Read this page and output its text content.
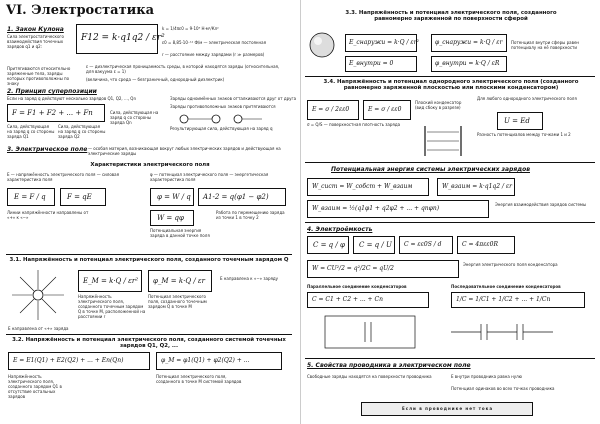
VI. Электростатика
1. Закон Кулона
Сила электростатического взаимодействия точечных зарядов q1 и q2:
F12 = k·q1q2 / εr²
k = 1/4πε0 = 9·10⁹ Н·м²/Кл²
ε0 = 8,85·10⁻¹² Ф/м — электрическая постоянная
r — расстояние между зарядами (r ≫ размеров)
Притягиваются относительно заряженные тела, заряды которых противоположны по знаку
ε — диэлектрическая проницаемость среды, в которой находятся заряды (относительная, для вакуума ε = 1)
(величина, что среда — безграничный, однородный диэлектрик)
2. Принцип суперпозиции
Если на заряд q действуют несколько зарядов Q1, Q2, ..., Qn
F = F1 + F2 + ... + Fn
Сила, действующая на заряд q со стороны заряда Q1
Сила, действующая на заряд q со стороны заряда Q2
Сила, действующая на заряд q со стороны заряда Qn
Заряды одноимённых знаков отталкиваются друг от друга
Заряды противоположных знаков притягиваются
Результирующая сила, действующая на заряд q
3. Электрическое поле — особая материя, возникающая вокруг любых электрических зарядов и действующая на электрические заряды
Характеристики электрического поля
E — напряжённость электрического поля — силовая характеристика поля
φ — потенциал электрического поля — энергетическая характеристика поля
E = F / q	F = qE	φ = W / q A1-2 = q(φ1 − φ2)
W = qφ
Линии напряжённости направлены от «+» к «−»
Потенциальная энергия заряда в данной точке поля
Работа по перемещению заряда из точки 1 в точку 2
3.1. Напряжённость и потенциал электрического поля, созданного точечным зарядом Q
E_M = k·Q / εr² φ_M = k·Q / εr
Напряжённость электрического поля, созданного точечным зарядом Q в точке M, расположенной на расстоянии r
Потенциал электрического поля, созданного точечным зарядом Q в точке M
E направлена от «+» заряда
E направлена к «−» заряду
3.2. Напряжённость и потенциал электрического поля, созданного системой точечных зарядов Q1, Q2, ...
E = E1(Q1) + E2(Q2) + ... + En(Qn)	φ_M = φ1(Q1) + φ2(Q2) + ...
Напряжённость электрического поля, созданного зарядом Q1 в отсутствие остальных зарядов
Потенциал электрического поля, созданного в точке M системой зарядов
3.3. Напряжённость и потенциал электрического поля, созданного равномерно заряженной по поверхности сферой
E_снаружи = k·Q / εr²
E_внутри = 0
φ_снаружи = k·Q / εr
φ_внутри = k·Q / εR
Потенциал внутри сферы равен потенциалу на её поверхности
3.4. Напряжённость и потенциал однородного электрического поля (созданного равномерно заряженной плоскостью или плоскими конденсатором)
E = σ / 2εε0	E = σ / εε0
σ = Q/S — поверхностная плотность заряда
Плоский конденсатор (вид сбоку в разрезе)
Для любого однородного электрического поля
U = Ed
Разность потенциалов между точками 1 и 2
Потенциальная энергия системы электрических зарядов
W_сист = W_собст + W_взаим	W_взаим = k·q1q2 / εr
W_взаим = ½(q1φ1 + q2φ2 + ... + qnφn)
Энергия взаимодействия зарядов системы
4. Электроёмкость
C = q / φ C = q / U C = εε0S / d	C = 4πεε0R
W = CU²/2 = q²/2C = qU/2
Энергия электрического поля конденсатора
Параллельное соединение конденсаторов	Последовательное соединение конденсаторов
C = C1 + C2 + ... + Cn	1/C = 1/C1 + 1/C2 + ... + 1/Cn
5. Свойства проводника в электрическом поле
Свободные заряды находятся на поверхности проводника	E внутри проводника равна нулю
Потенциал одинаков во всех точках проводника
Если в проводнике нет тока
